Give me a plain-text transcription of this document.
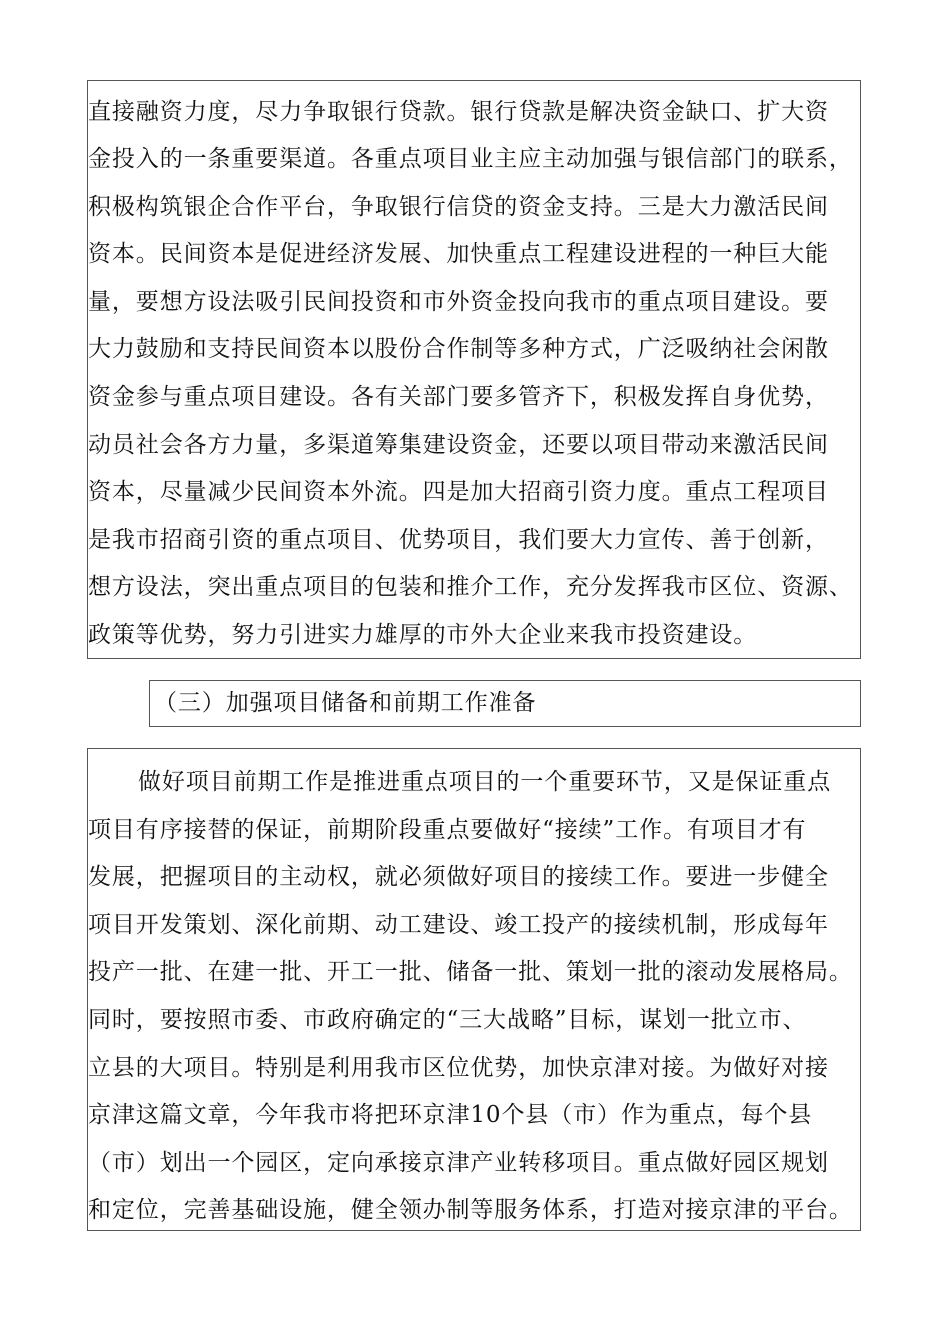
直接融资力度，尽力争取银行贷款。银行贷款是解决资金缺口、扩大资
金投入的一条重要渠道。各重点项目业主应主动加强与银信部门的联系，
积极构筑银企合作平台，争取银行信贷的资金支持。三是大力激活民间
资本。民间资本是促进经济发展、加快重点工程建设进程的一种巨大能
量，要想方设法吸引民间投资和市外资金投向我市的重点项目建设。要
大力鼓励和支持民间资本以股份合作制等多种方式，广泛吸纳社会闲散
资金参与重点项目建设。各有关部门要多管齐下，积极发挥自身优势，
动员社会各方力量，多渠道筹集建设资金，还要以项目带动来激活民间
资本，尽量减少民间资本外流。四是加大招商引资力度。重点工程项目
是我市招商引资的重点项目、优势项目，我们要大力宣传、善于创新，
想方设法，突出重点项目的包装和推介工作，充分发挥我市区位、资源、
政策等优势，努力引进实力雄厚的市外大企业来我市投资建设。
（三）加强项目储备和前期工作准备
做好项目前期工作是推进重点项目的一个重要环节，又是保证重点
项目有序接替的保证，前期阶段重点要做好“接续”工作。有项目才有
发展，把握项目的主动权，就必须做好项目的接续工作。要进一步健全
项目开发策划、深化前期、动工建设、竣工投产的接续机制，形成每年
投产一批、在建一批、开工一批、储备一批、策划一批的滚动发展格局。
同时，要按照市委、市政府确定的“三大战略”目标，谋划一批立市、
立县的大项目。特别是利用我市区位优势，加快京津对接。为做好对接
京津这篇文章，今年我市将把环京津10个县（市）作为重点，每个县
（市）划出一个园区，定向承接京津产业转移项目。重点做好园区规划
和定位，完善基础设施，健全领办制等服务体系，打造对接京津的平台。
